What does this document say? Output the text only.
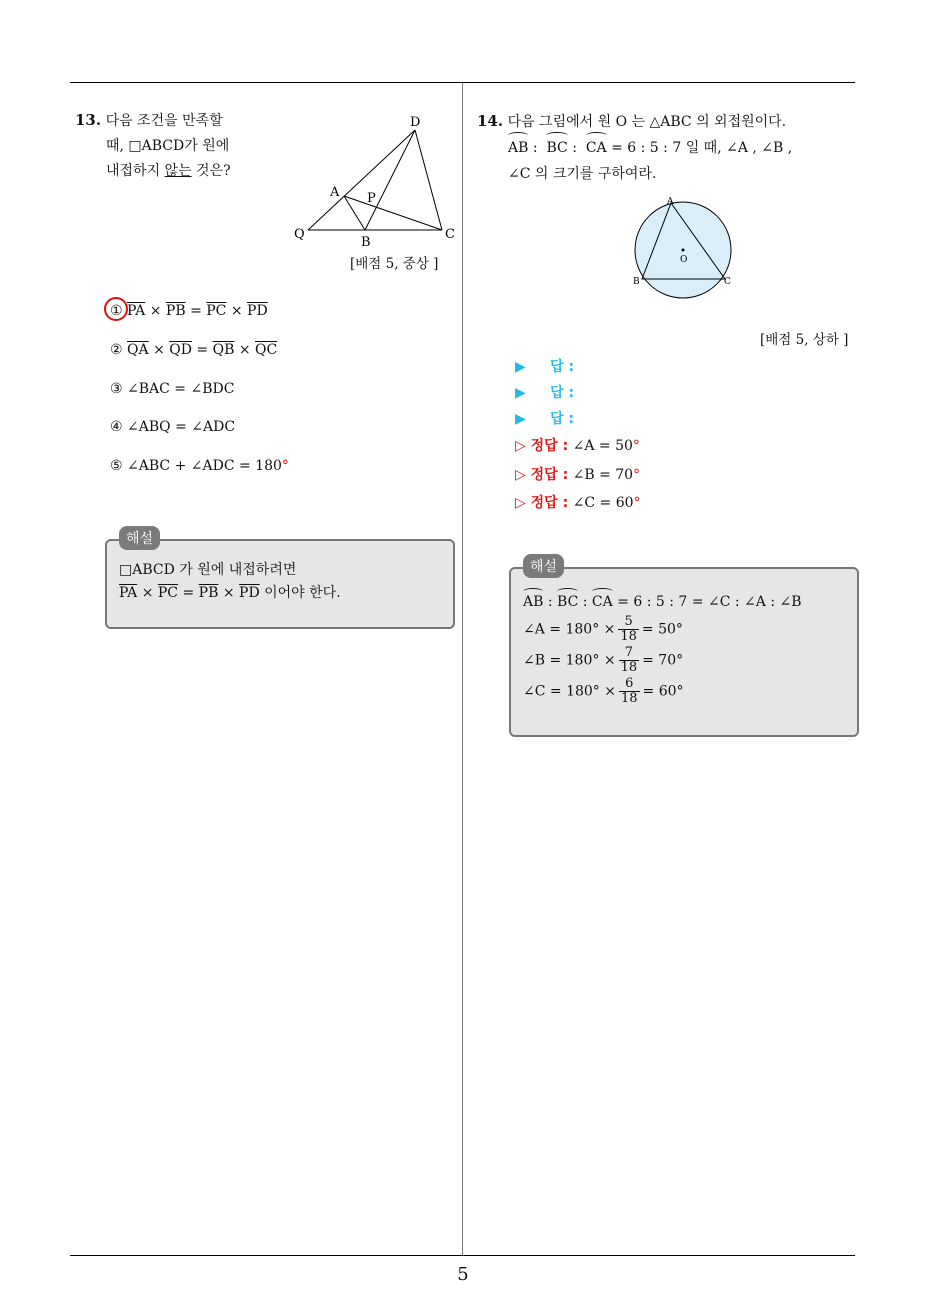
13. 다음 조건을 만족할
때, □ABCD가 원에
내접하지 않는 것은?
D
A P
Q
B
C
[배점 5, 중상 ]
① $\overline{PA} \times \overline{PB} = \overline{PC} \times \overline{PD}$
② $\overline{QA} \times \overline{QD} = \overline{QB} \times \overline{QC}$
③ ∠BAC = ∠BDC
④ ∠ABQ = ∠ADC
⑤ ∠ABC + ∠ADC = 180°
□ABCD 가 원에 내접하려면
$\overline{PA} \times \overline{PC} = \overline{PB} \times \overline{PD}$ 이어야 한다.
해설
14. 다음 그림에서 원 O 는 △ABC 의 외접원이다.
AB :  BC :  CA = 6 : 5 : 7 일 때, ∠A , ∠B ,
∠C 의 크기를 구하여라.
A
O
B	C
[배점 5, 상하 ]
▶     답 :
▶     답 :
▶     답 :
▷ 정답 : ∠A = 50°
▷ 정답 : ∠B = 70°
▷ 정답 : ∠C = 60°
AB : BC : CA = 6 : 5 : 7 = ∠C : ∠A : ∠B
∠A = $180^\circ \times \frac{5}{18} = 50^\circ$
∠B = $180^\circ \times \frac{7}{18} = 70^\circ$
∠C = $180^\circ \times \frac{6}{18} = 60^\circ$
해설
5
